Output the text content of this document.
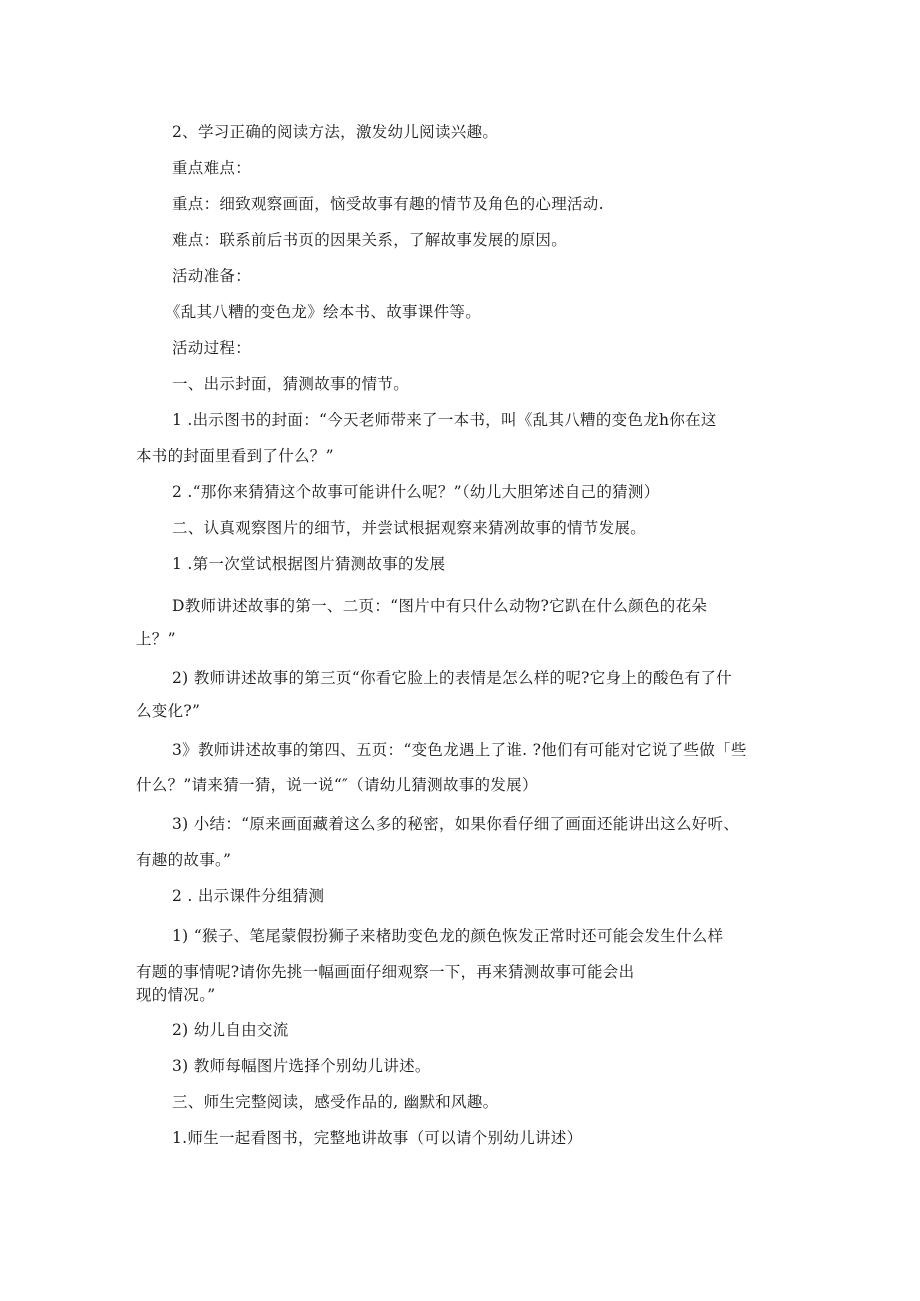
2、学习正确的阅读方法，激发幼儿阅读兴趣。
重点难点：
重点：细致观察画面，恼受故事有趣的情节及角色的心理活动.
难点：联系前后书页的因果关系，了解故事发展的原因。
活动准备：
《乱其八糟的变色龙》绘本书、故事课件等。
活动过程：
一、出示封面，猜测故事的情节。
1 .出示图书的封面：“今天老师带来了一本书，叫《乱其八糟的变色龙h你在这
本书的封面里看到了什么？”
2 .“那你来猜猜这个故事可能讲什么呢？”（幼儿大胆笫述自己的猜测）
二、认真观察图片的细节，并尝试根据观察来猜冽故事的情节发展。
1 .第一次堂试根据图片猜测故事的发展
D教师讲述故事的第一、二页：“图片中有只什么动物?它趴在什么颜色的花朵
上？”
2) 教师讲述故事的第三页“你看它脸上的表情是怎么样的呢?它身上的酸色有了什
么变化?”
3》教师讲述故事的第四、五页：“变色龙遇上了谁. ?他们有可能对它说了些做「些
什么？”请来猜一猜，说一说“″（请幼儿猜测故事的发展）
3) 小结：“原来画面藏着这么多的秘密，如果你看仔细了画面还能讲出这么好听、
有趣的故事。”
2 . 出示课件分组猜测
1) “猴子、笔尾蒙假扮狮子来楮助变色龙的颜色恢发正常时还可能会发生什么样
有题的事情呢?请你先挑一幅画面仔细观察一下，再来猜测故事可能会出
现的情况。”
2) 幼儿自由交流
3) 教师每幅图片选择个别幼儿讲述。
三、师生完整阅读，感受作品的, 幽默和风趣。
1.师生一起看图书，完整地讲故事（可以请个别幼儿讲述）
